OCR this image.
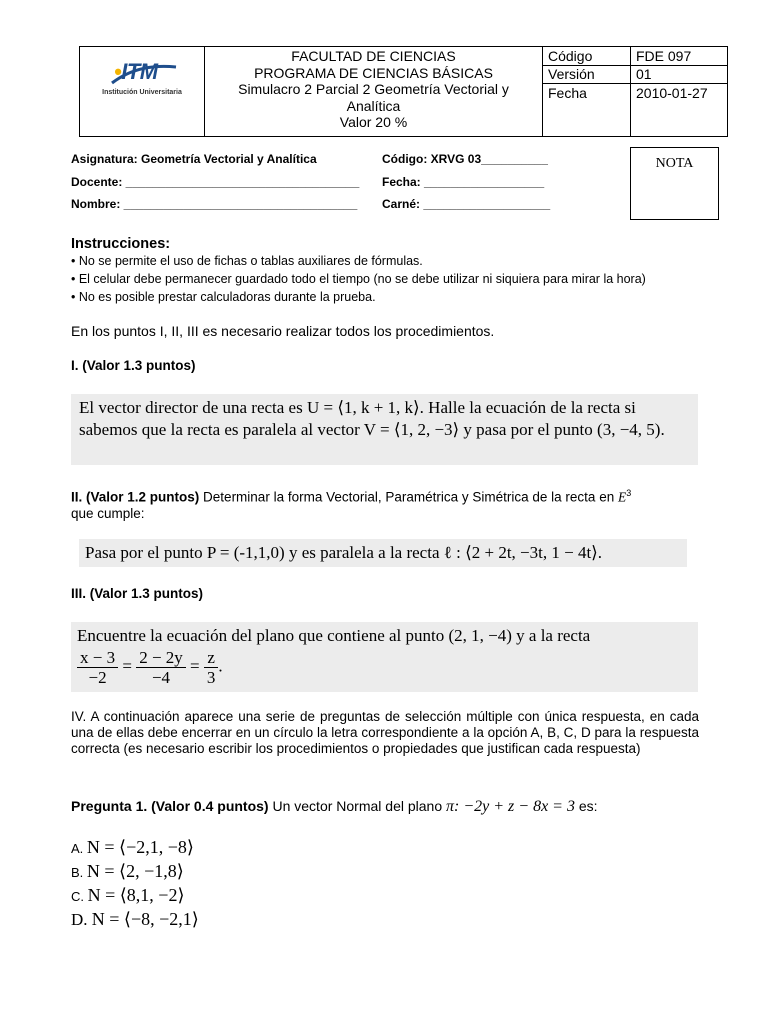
•ITM
Institución Universitaria
FACULTAD DE CIENCIAS
PROGRAMA DE CIENCIAS BÁSICAS
Simulacro 2 Parcial 2 Geometría Vectorial y
Analítica
Valor 20 %
Código	FDE 097
Versión	01
Fecha	2010-01-27
Asignatura: Geometría Vectorial y Analítica	Código: XRVG 03__________
Docente: ___________________________________ Fecha: __________________
Nombre: ___________________________________ Carné: ___________________
NOTA
Instrucciones:
• No se permite el uso de fichas o tablas auxiliares de fórmulas.
• El celular debe permanecer guardado todo el tiempo (no se debe utilizar ni siquiera para mirar la hora)
• No es posible prestar calculadoras durante la prueba.
En los puntos I, II, III es necesario realizar todos los procedimientos.
I. (Valor 1.3 puntos)
El vector director de una recta es U = ⟨1, k + 1, k⟩. Halle la ecuación de la recta si sabemos que la recta es paralela al vector V = ⟨1, 2, −3⟩ y pasa por el punto (3, −4, 5).
II. (Valor 1.2 puntos) Determinar la forma Vectorial, Paramétrica y Simétrica de la recta en $E^3$
que cumple:
Pasa por el punto P = (-1,1,0) y es paralela a la recta ℓ : ⟨2 + 2t, −3t, 1 − 4t⟩.
III. (Valor 1.3 puntos)
Encuentre la ecuación del plano que contiene al punto (2, 1, −4) y a la recta
$\frac{x - 3}{-2} = \frac{2 - 2y}{-4} = \frac{z}{3}$ .
IV. A continuación aparece una serie de preguntas de selección múltiple con única respuesta, en cada una de ellas debe encerrar en un círculo la letra correspondiente a la opción A, B, C, D para la respuesta correcta (es necesario escribir los procedimientos o propiedades que justifican cada respuesta)
Pregunta 1. (Valor 0.4 puntos) Un vector Normal del plano π: −2y + z − 8x = 3 es:
A. N = ⟨−2,1, −8⟩
B. N = ⟨2, −1,8⟩
C. N = ⟨8,1, −2⟩
D. N = ⟨−8, −2,1⟩
